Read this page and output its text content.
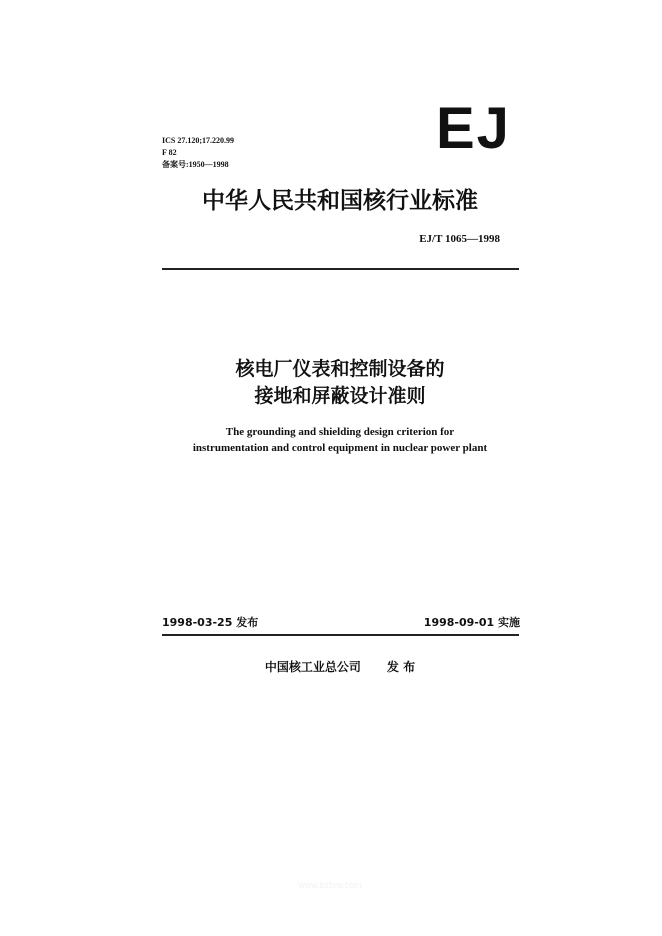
ICS 27.120;17.220.99
F 82
备案号:1950—1998
EJ
中华人民共和国核行业标准
EJ/T 1065—1998
核电厂仪表和控制设备的
接地和屏蔽设计准则
The grounding and shielding design criterion for
instrumentation and control equipment in nuclear power plant
1998-03-25 发布	1998-09-01 实施
中国核工业总公司 发 布
www.bzfxw.com
